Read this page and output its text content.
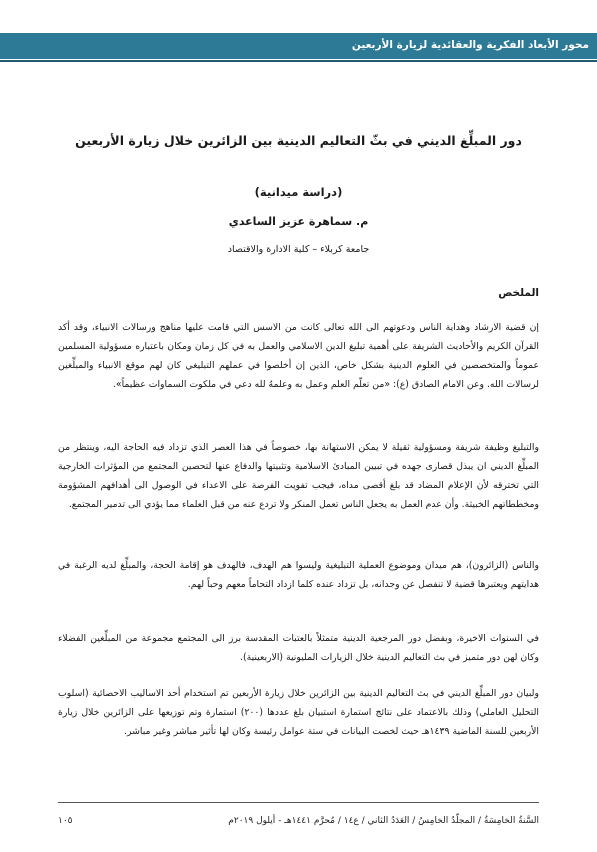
محور الأبعاد الفكرية والعقائدية لزيارة الأربعين
دور المبلِّغ الديني في بثّ التعاليم الدينية بين الزائرين خلال زيارة الأربعين
(دراسة ميدانية)
م. سماهرة عزيز الساعدي
جامعة كربلاء – كلية الادارة والاقتصاد
الملخص

إن قضية الارشاد وهداية الناس ودعوتهم الى الله تعالى كانت من الاسس التي قامت عليها مناهج ورسالات الانبياء، وقد أكد القرآن الكريم والأحاديث الشريفة على أهمية تبليغ الدين الاسلامي والعمل به في كل زمان ومكان باعتباره مسؤولية المسلمين عموماً والمتخصصين في العلوم الدينية بشكل خاص، الذين إن أخلصوا في عملهم التبليغي كان لهم موقع الانبياء والمبلِّغين لرسالات الله. وعن الامام الصادق (ع): «من تعلّم العلم وعمل به وعلمهُ لله دعي في ملكوت السماوات عظيماً».

والتبليغ وظيفة شريفة ومسؤولية ثقيلة لا يمكن الاستهانة بها، خصوصاً في هذا العصر الذي تزداد فيه الحاجة اليه، وينتظر من المبلِّغ الديني ان يبذل قصارى جهده في تبيين المبادئ الاسلامية وتثبيتها والدفاع عنها لتحصين المجتمع من المؤثرات الخارجية التي تخترقه لأن الإعلام المضاد قد بلغ أقصى مداه، فيجب تفويت الفرصة على الاعداء في الوصول الى أهدافهم المشؤومة ومخططاتهم الخبيثة. وأن عدم العمل به يجعل الناس تعمل المنكر ولا تردع عنه من قبل العلماء مما يؤدي الى تدمير المجتمع.

والناس (الزائرون)، هم ميدان وموضوع العملية التبليغية وليسوا هم الهدف، فالهدف هو إقامة الحجة، والمبلِّغ لديه الرغبة في هدايتهم ويعتبرها قضية لا تنفصل عن وجدانه، بل تزداد عنده كلما ازداد التحاماً معهم وحباً لهم.

في السنوات الاخيرة، وبفضل دور المرجعية الدينية متمثلاً بالعتبات المقدسة برز الى المجتمع مجموعة من المبلِّغين الفضلاء وكان لهن دور متميز في بث التعاليم الدينية خلال الزيارات المليونية (الاربعينية).

ولبيان دور المبلِّغ الديني في بث التعاليم الدينية بين الزائرين خلال زيارة الأربعين تم استخدام أحد الاساليب الاحصائية (اسلوب التحليل العاملي) وذلك بالاعتماد على نتائج استمارة استبيان بلغ عددها (٢٠٠) استمارة وتم توزيعها على الزائرين خلال زيارة الأربعين للسنة الماضية ١٤٣٩هـ حيث لخصت البيانات في ستة عوامل رئيسة وكان لها تأثير مباشر وغير مباشر.

السَّنةُ الخامِسَةُ / المجلّدُ الخامِسُ / العَدَدُ الثاني / ع١٤ / مُحرَّم ١٤٤١هـ - أيلول ٢٠١٩م
١٠٥
